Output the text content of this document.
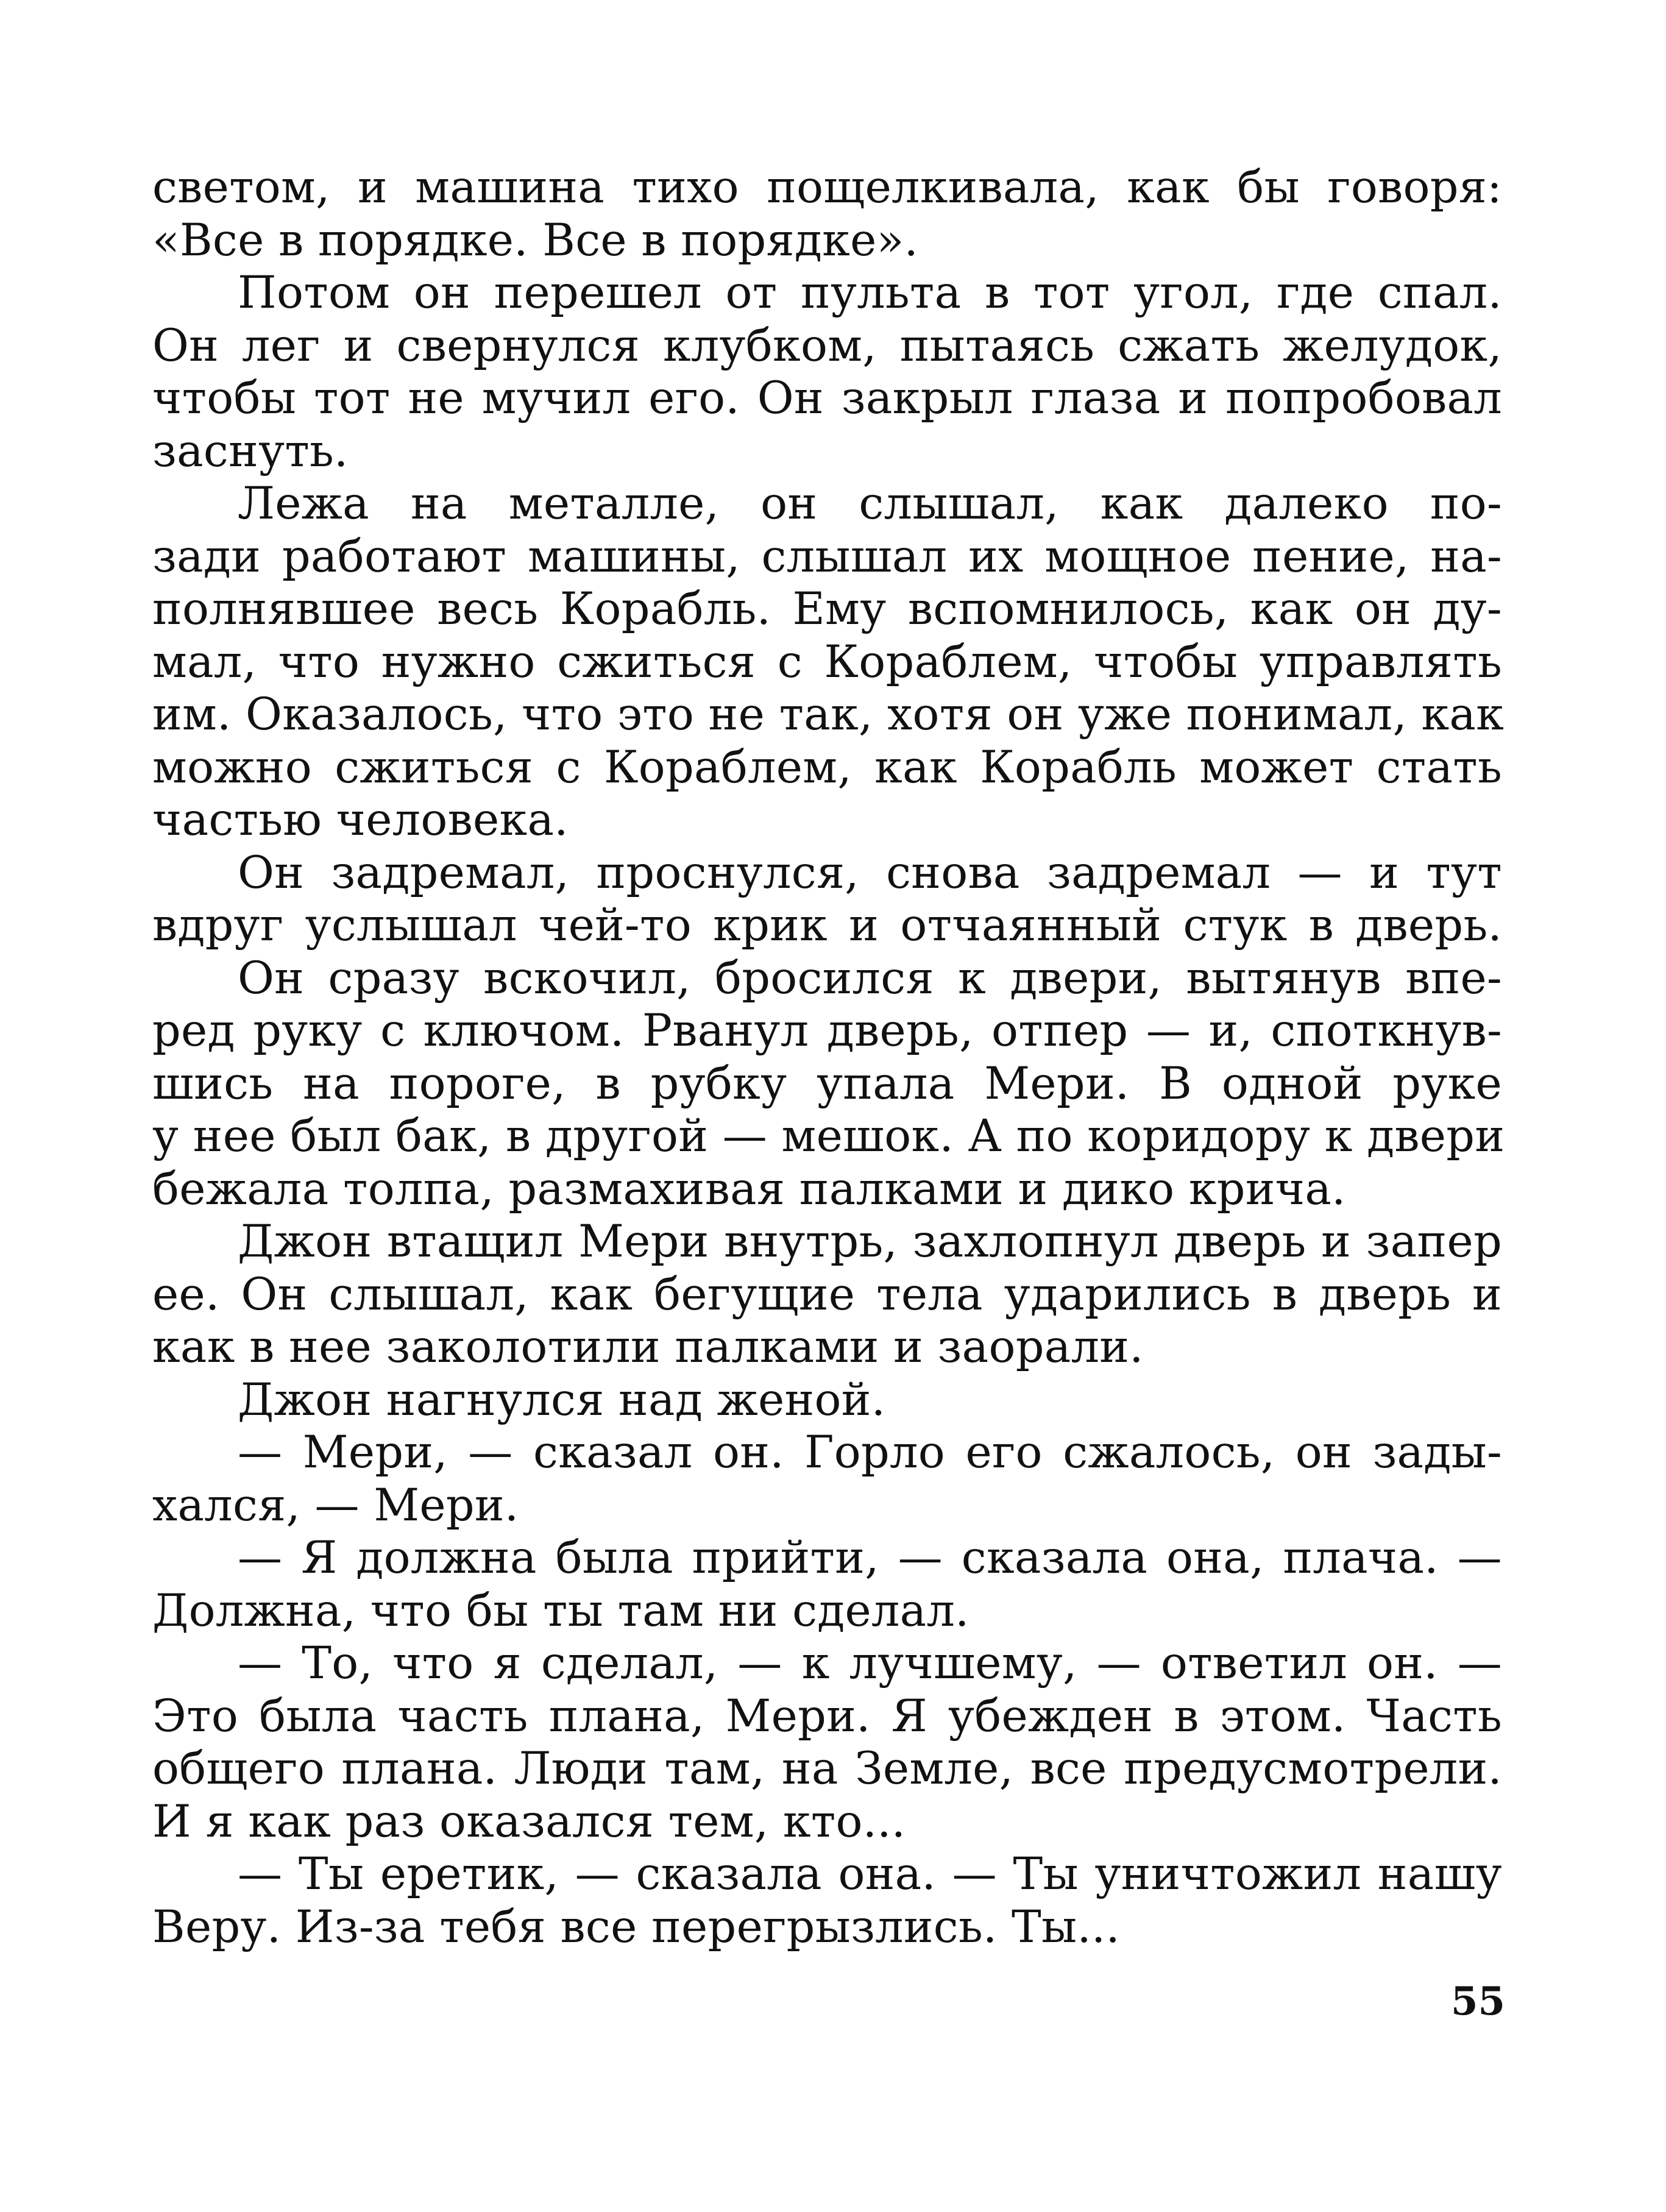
светом, и машина тихо пощелкивала, как бы говоря:
«Все в порядке. Все в порядке».
Потом он перешел от пульта в тот угол, где спал.
Он лег и свернулся клубком, пытаясь сжать желудок,
чтобы тот не мучил его. Он закрыл глаза и попробовал
заснуть.
Лежа на металле, он слышал, как далеко по-
зади работают машины, слышал их мощное пение, на-
полнявшее весь Корабль. Ему вспомнилось, как он ду-
мал, что нужно сжиться с Кораблем, чтобы управлять
им. Оказалось, что это не так, хотя он уже понимал, как
можно сжиться с Кораблем, как Корабль может стать
частью человека.
Он задремал, проснулся, снова задремал — и тут
вдруг услышал чей-то крик и отчаянный стук в дверь.
Он сразу вскочил, бросился к двери, вытянув впе-
ред руку с ключом. Рванул дверь, отпер — и, споткнув-
шись на пороге, в рубку упала Мери. В одной руке
у нее был бак, в другой — мешок. А по коридору к двери
бежала толпа, размахивая палками и дико крича.
Джон втащил Мери внутрь, захлопнул дверь и запер
ее. Он слышал, как бегущие тела ударились в дверь и
как в нее заколотили палками и заорали.
Джон нагнулся над женой.
— Мери, — сказал он. Горло его сжалось, он зады-
хался, — Мери.
— Я должна была прийти, — сказала она, плача. —
Должна, что бы ты там ни сделал.
— То, что я сделал, — к лучшему, — ответил он. —
Это была часть плана, Мери. Я убежден в этом. Часть
общего плана. Люди там, на Земле, все предусмотрели.
И я как раз оказался тем, кто...
— Ты еретик, — сказала она. — Ты уничтожил нашу
Веру. Из-за тебя все перегрызлись. Ты...
55
